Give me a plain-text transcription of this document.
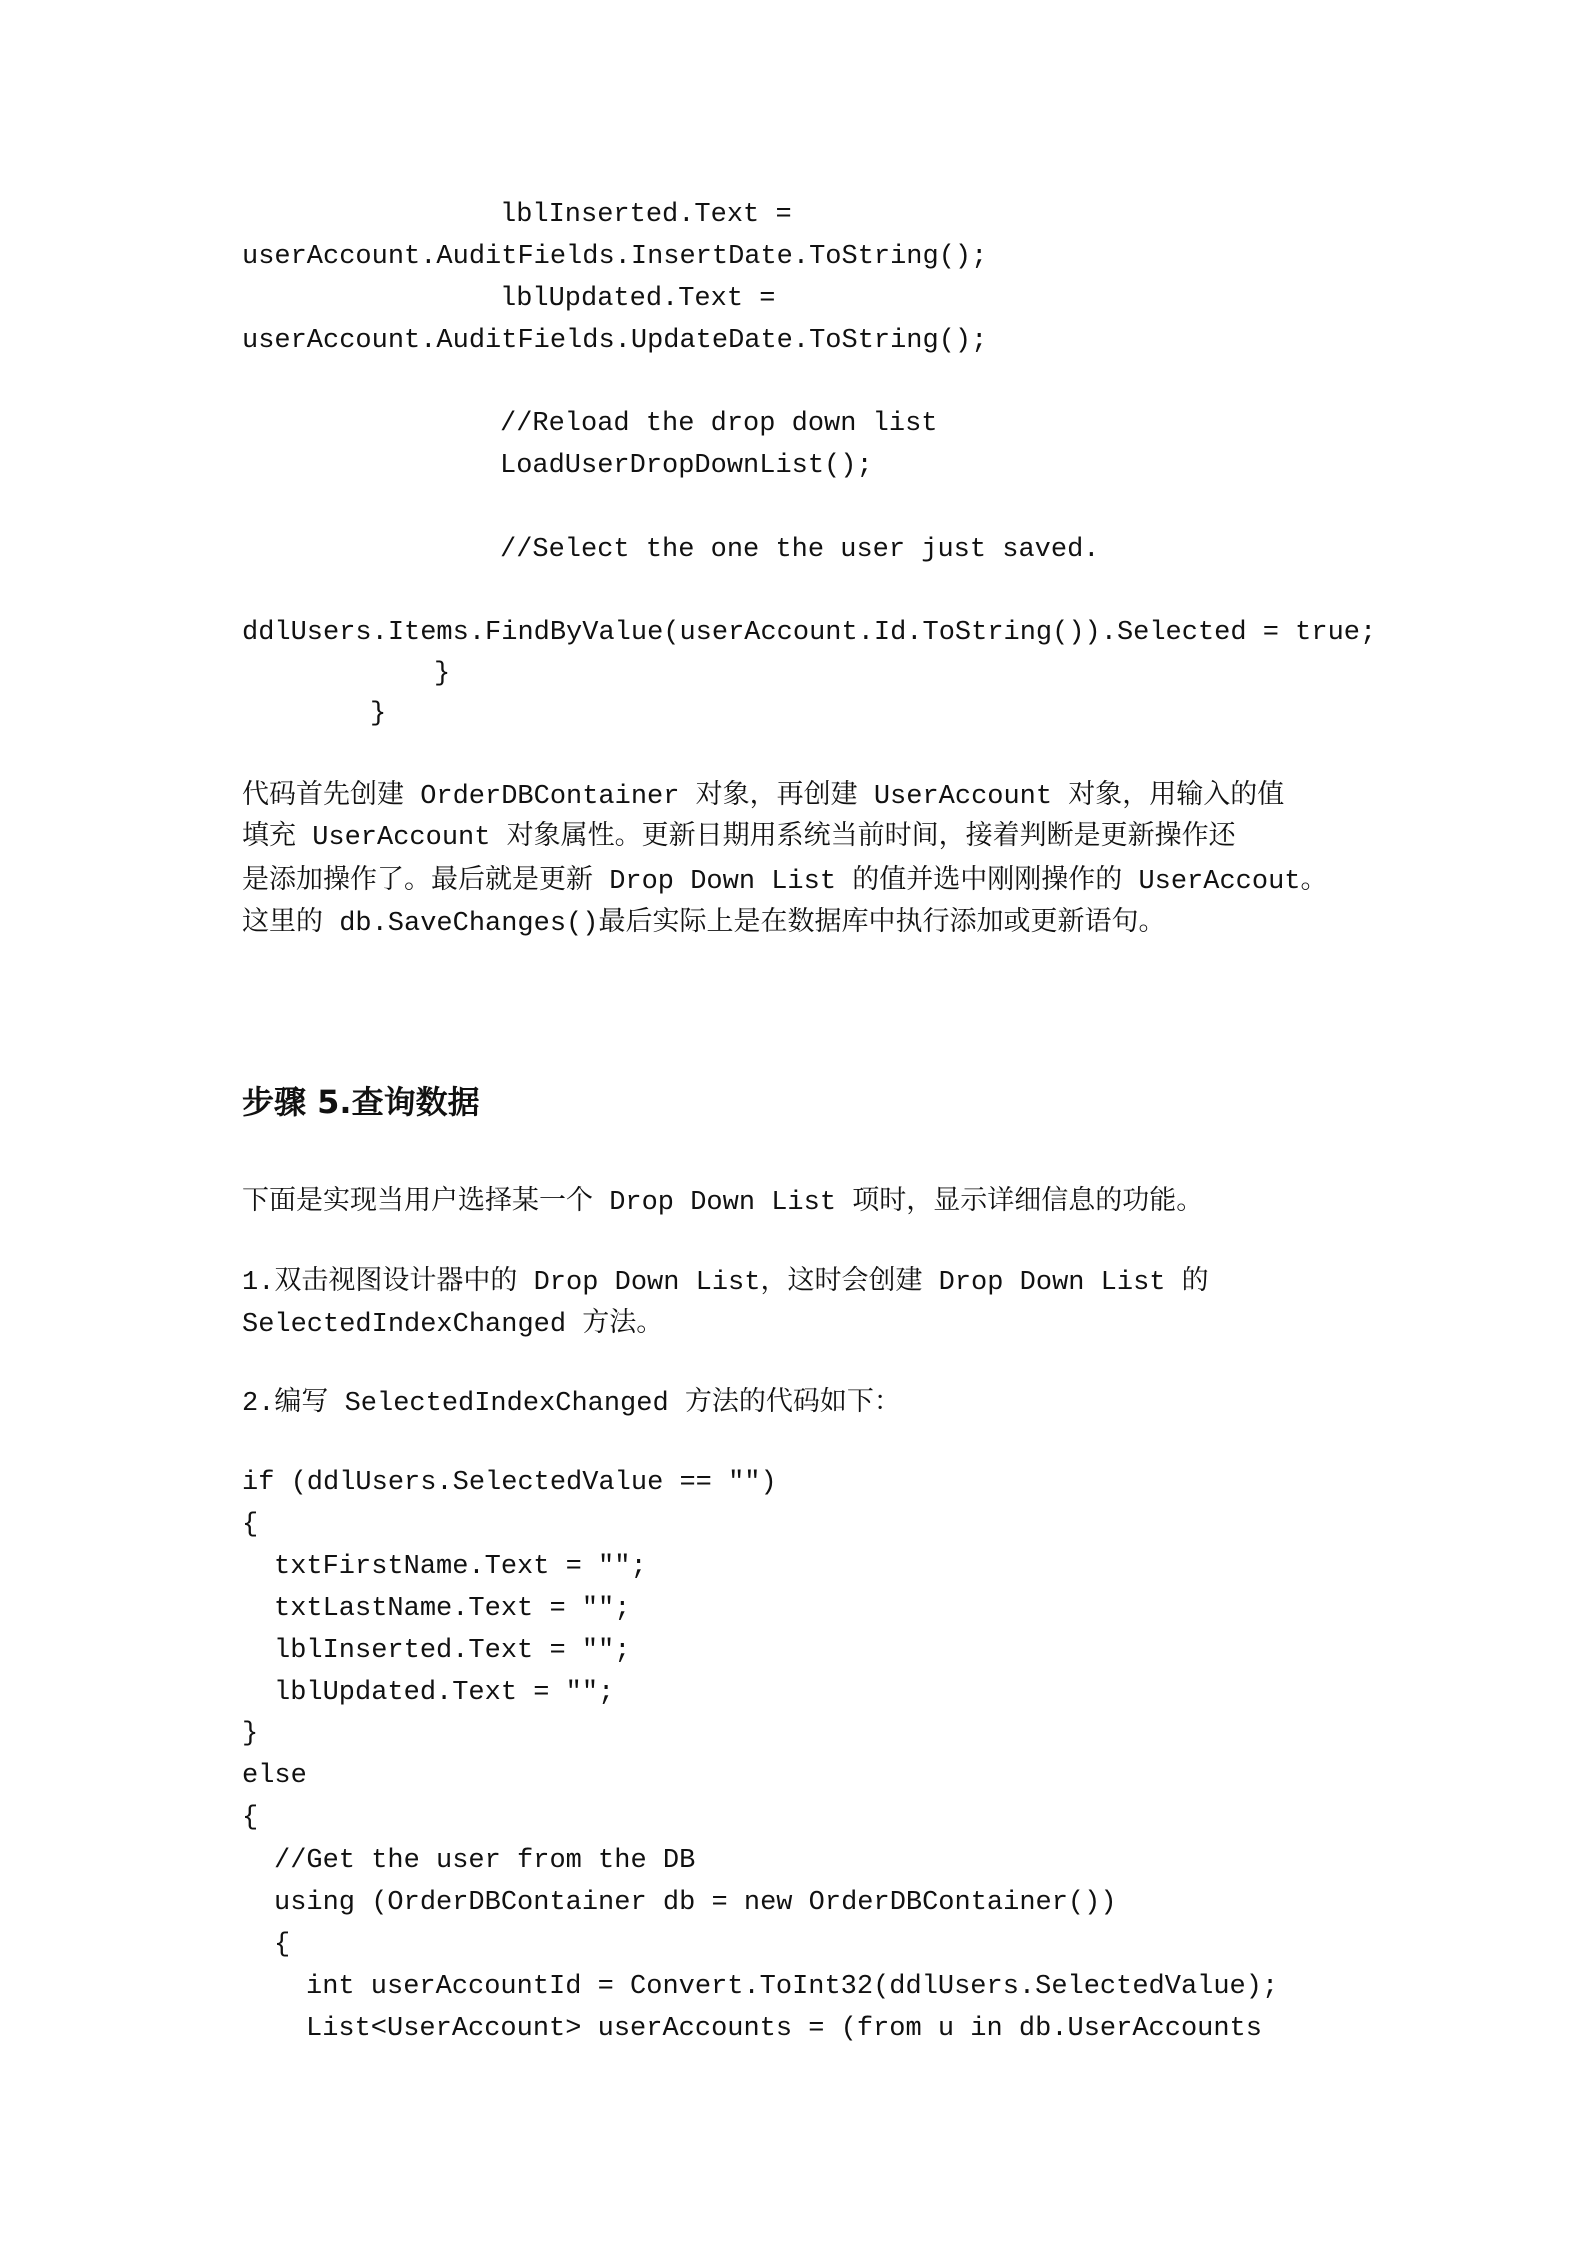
lblInserted.Text =
userAccount.AuditFields.InsertDate.ToString();
lblUpdated.Text =
userAccount.AuditFields.UpdateDate.ToString();
//Reload the drop down list
LoadUserDropDownList();
//Select the one the user just saved.
ddlUsers.Items.FindByValue(userAccount.Id.ToString()).Selected = true;
}
}
代码首先创建 OrderDBContainer 对象，再创建 UserAccount 对象，用输入的值
填充 UserAccount 对象属性。更新日期用系统当前时间，接着判断是更新操作还
是添加操作了。最后就是更新 Drop Down List 的值并选中刚刚操作的 UserAccout。
这里的 db.SaveChanges()最后实际上是在数据库中执行添加或更新语句。
步骤 5.查询数据
下面是实现当用户选择某一个 Drop Down List 项时，显示详细信息的功能。
1.双击视图设计器中的 Drop Down List，这时会创建 Drop Down List 的
SelectedIndexChanged 方法。
2.编写 SelectedIndexChanged 方法的代码如下：
if (ddlUsers.SelectedValue == "")
{
txtFirstName.Text = "";
txtLastName.Text = "";
lblInserted.Text = "";
lblUpdated.Text = "";
}
else
{
//Get the user from the DB
using (OrderDBContainer db = new OrderDBContainer())
{
int userAccountId = Convert.ToInt32(ddlUsers.SelectedValue);
List<UserAccount> userAccounts = (from u in db.UserAccounts
